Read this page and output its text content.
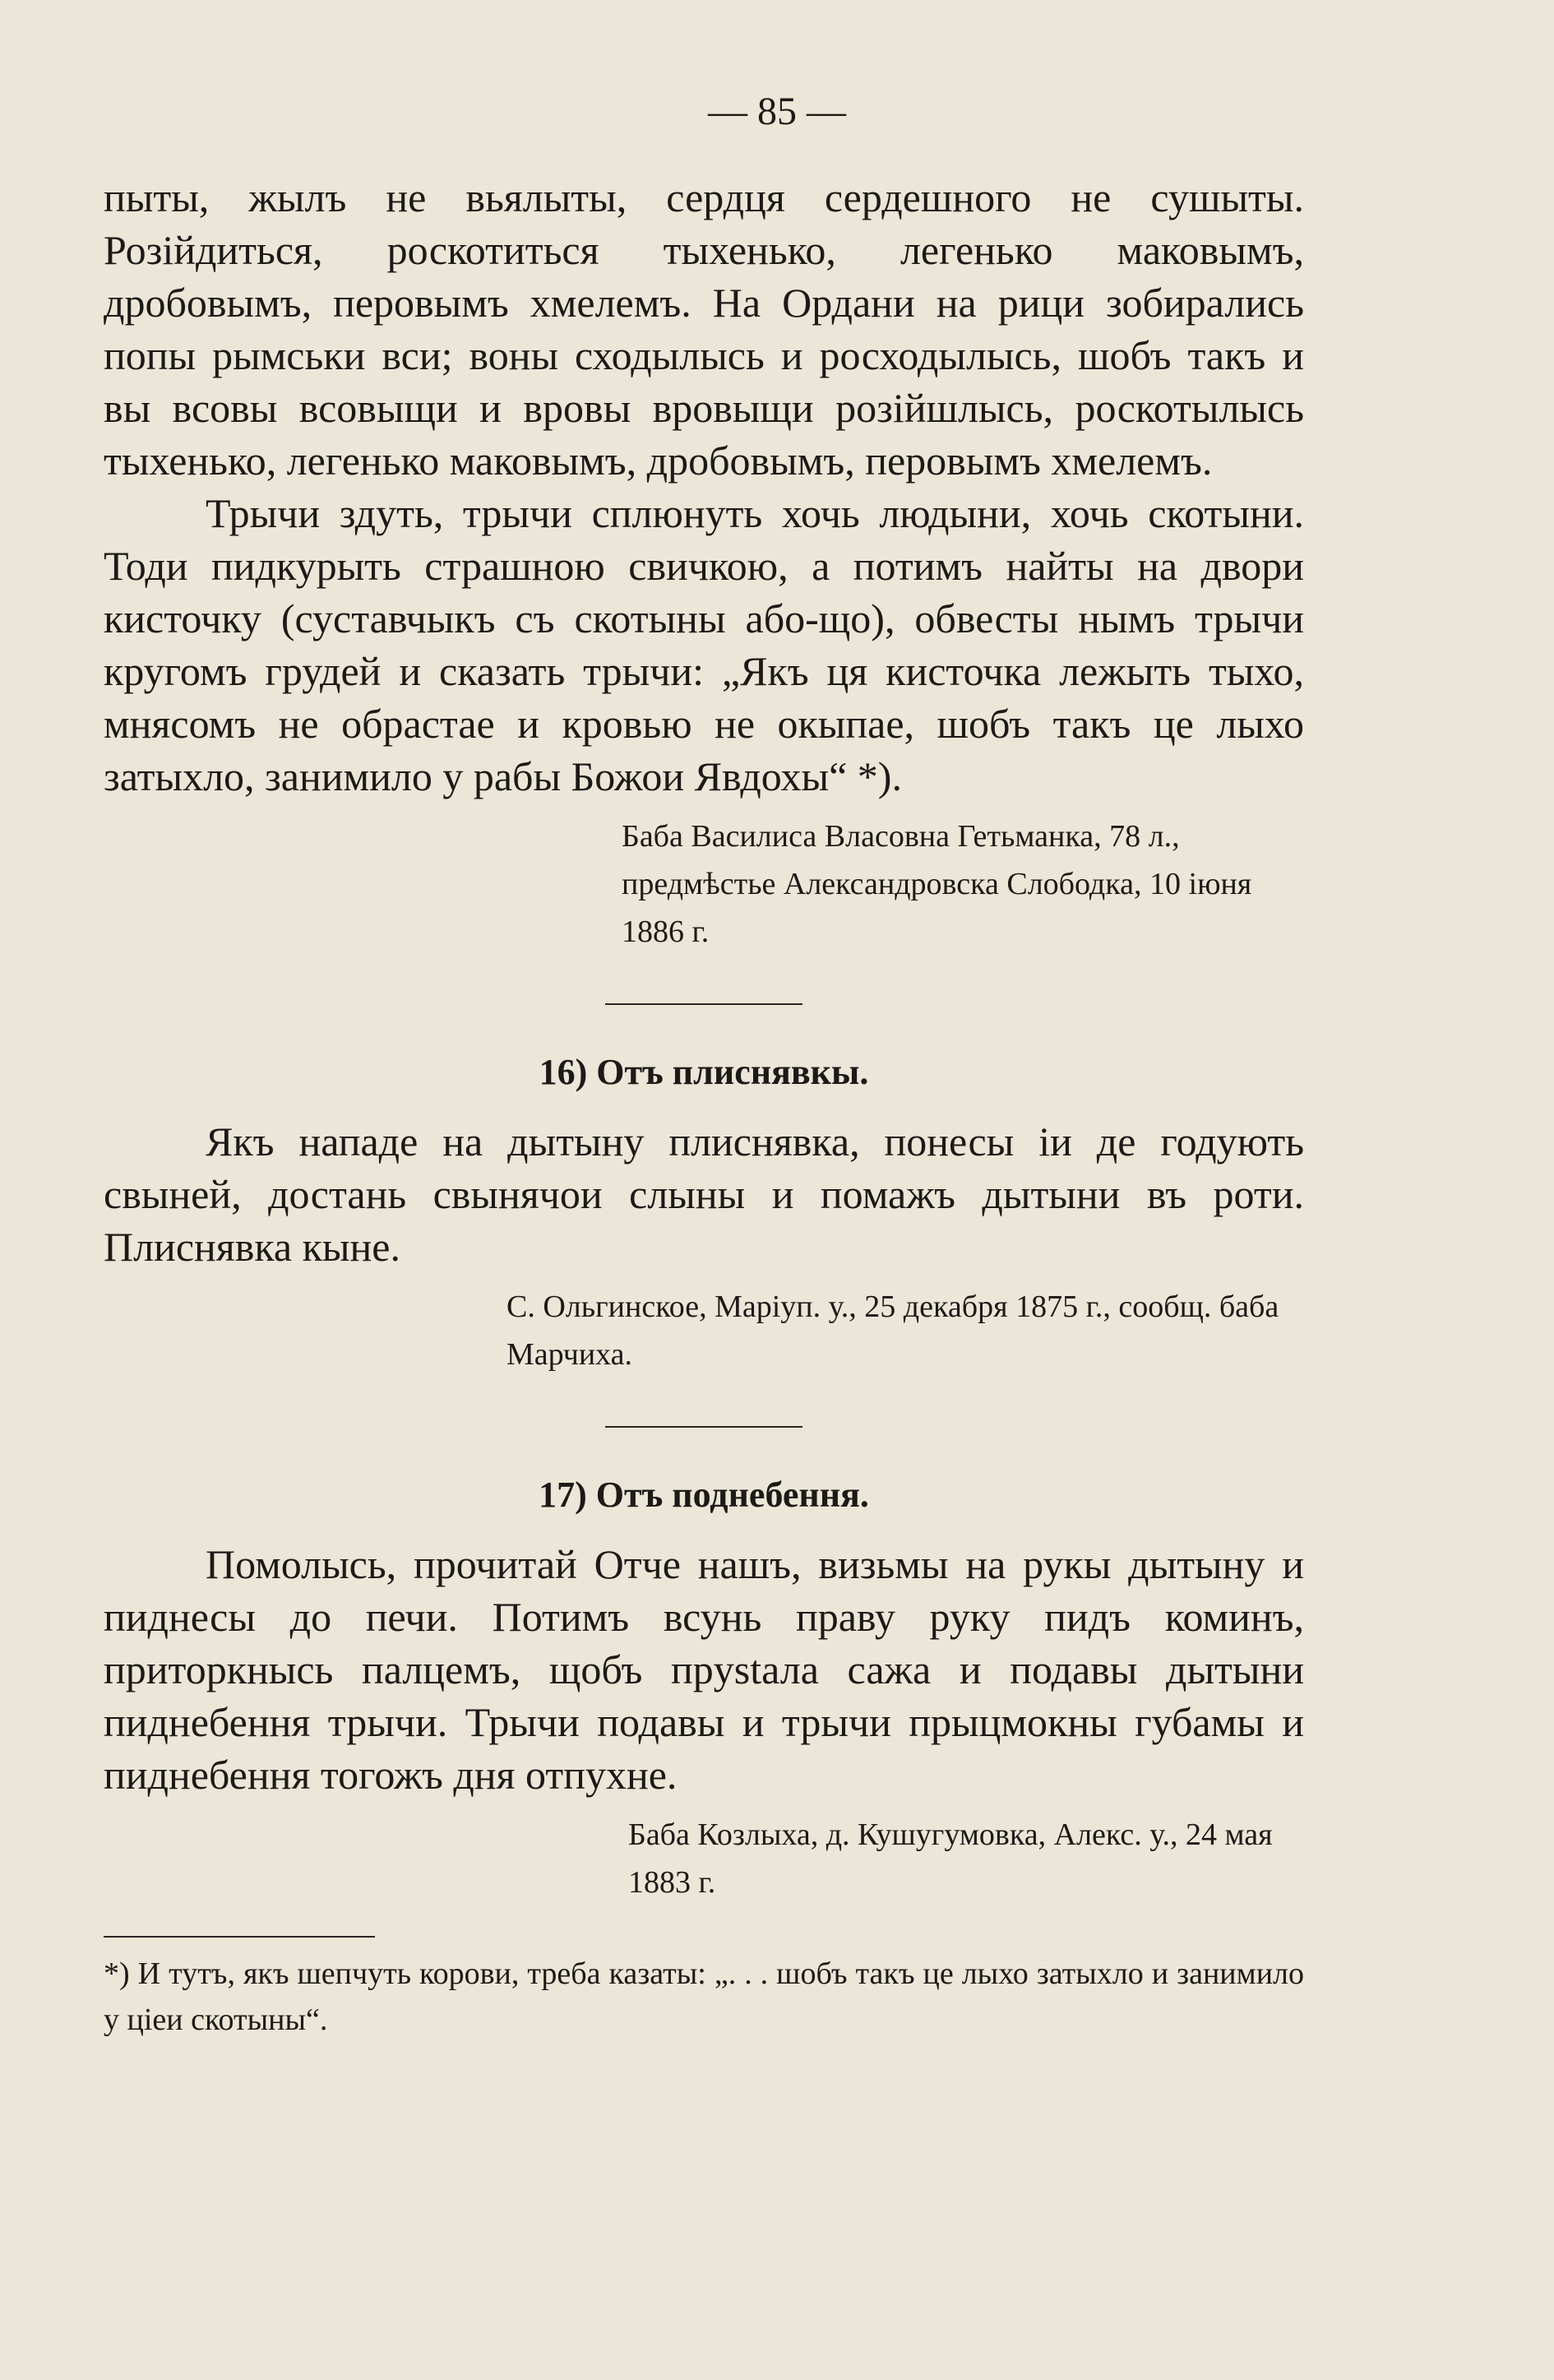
— 85 —

пыты, жылъ не вьялыты, сердця сердешного не сушыты. Розійдиться, роскотиться тыхенько, легенько маковымъ, дробовымъ, перовымъ хмелемъ. На Ордани на рици зобирались попы рымськи вси; воны сходылысь и росходылысь, шобъ такъ и вы всовы всовыщи и вровы вровыщи розійшлысь, роскотылысь тыхенько, легенько маковымъ, дробовымъ, перовымъ хмелемъ.

Трычи здуть, трычи сплюнуть хочь людыни, хочь скотыни. Тоди пидкурыть страшною свичкою, а потимъ найты на двори кисточку (суставчыкъ съ скотыны або-що), обвесты нымъ трычи кругомъ грудей и сказать трычи: „Якъ ця кисточка лежыть тыхо, мнясомъ не обрастае и кровью не окыпае, шобъ такъ це лыхо затыхло, занимило у рабы Божои Явдохы“ *).

Баба Василиса Власовна Гетьманка, 78 л., предмѣстье Александровска Слободка, 10 іюня 1886 г.

16) Отъ плиснявкы.

Якъ нападе на дытыну плиснявка, понесы іи де годують свыней, достань свынячои слыны и помажъ дытыни въ роти. Плиснявка кыне.

С. Ольгинское, Маріуп. у., 25 декабря 1875 г., сообщ. баба Марчиха.

17) Отъ поднебення.

Помолысь, прочитай Отче нашъ, визьмы на рукы дытыну и пиднесы до печи. Потимъ всунь праву руку пидъ коминъ, приторкнысь палцемъ, щобъ прystала сажа и подавы дытыни пиднебення трычи. Трычи подавы и трычи прыцмокны губамы и пиднебення тогожъ дня отпухне.

Баба Козлыха, д. Кушугумовка, Алекс. у., 24 мая 1883 г.

*) И тутъ, якъ шепчуть корови, треба казаты: „. . . шобъ такъ це лыхо затыхло и занимило у ціеи скотыны“.
